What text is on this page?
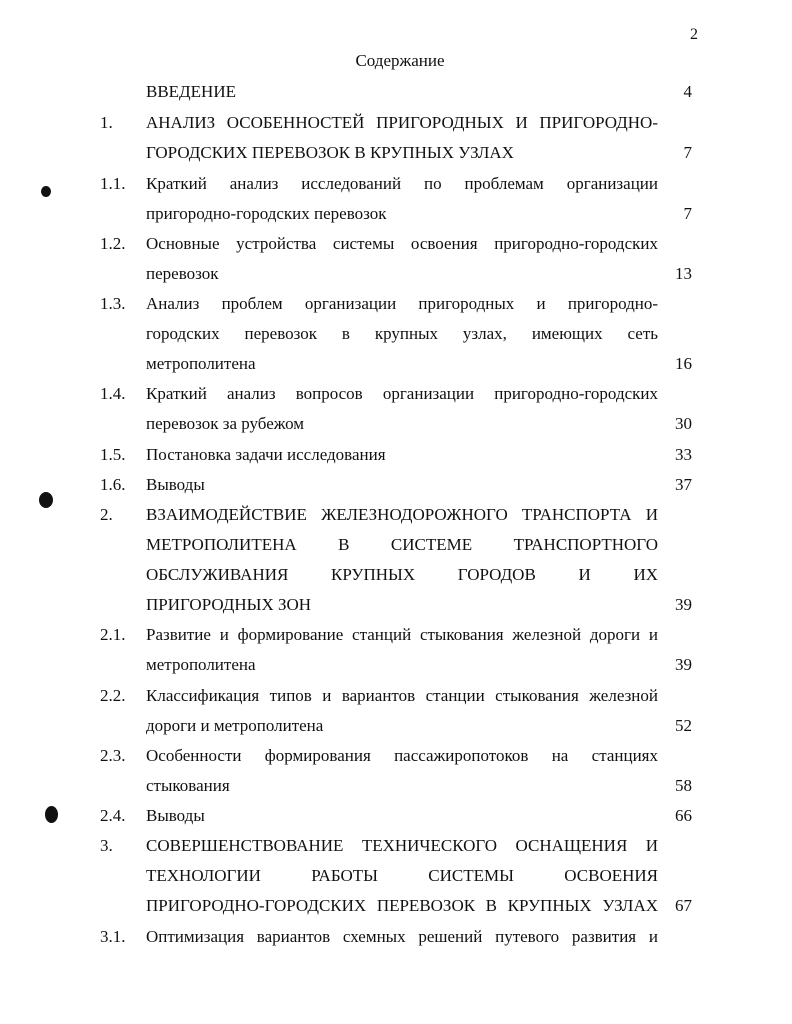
2
Содержание
ВВЕДЕНИЕ	4
1.	АНАЛИЗ ОСОБЕННОСТЕЙ ПРИГОРОДНЫХ И ПРИГОРОДНО-
ГОРОДСКИХ ПЕРЕВОЗОК В КРУПНЫХ УЗЛАХ	7
1.1.	Краткий анализ исследований по проблемам организации
пригородно-городских перевозок	7
1.2.	Основные устройства системы освоения пригородно-городских
перевозок	13
1.3.	Анализ проблем организации пригородных и пригородно-
городских перевозок в крупных узлах, имеющих сеть
метрополитена	16
1.4.	Краткий анализ вопросов организации пригородно-городских
перевозок за рубежом	30
1.5.	Постановка задачи исследования	33
1.6.	Выводы	37
2.	ВЗАИМОДЕЙСТВИЕ ЖЕЛЕЗНОДОРОЖНОГО ТРАНСПОРТА И
МЕТРОПОЛИТЕНА В СИСТЕМЕ ТРАНСПОРТНОГО
ОБСЛУЖИВАНИЯ КРУПНЫХ ГОРОДОВ И ИХ
ПРИГОРОДНЫХ ЗОН	39
2.1.	Развитие и формирование станций стыкования железной дороги и
метрополитена	39
2.2.	Классификация типов и вариантов станции стыкования железной
дороги и метрополитена	52
2.3.	Особенности формирования пассажиропотоков на станциях
стыкования	58
2.4.	Выводы	66
3.	СОВЕРШЕНСТВОВАНИЕ ТЕХНИЧЕСКОГО ОСНАЩЕНИЯ И
ТЕХНОЛОГИИ РАБОТЫ СИСТЕМЫ ОСВОЕНИЯ
ПРИГОРОДНО-ГОРОДСКИХ ПЕРЕВОЗОК В КРУПНЫХ УЗЛАХ	67
3.1.	Оптимизация вариантов схемных решений путевого развития и
